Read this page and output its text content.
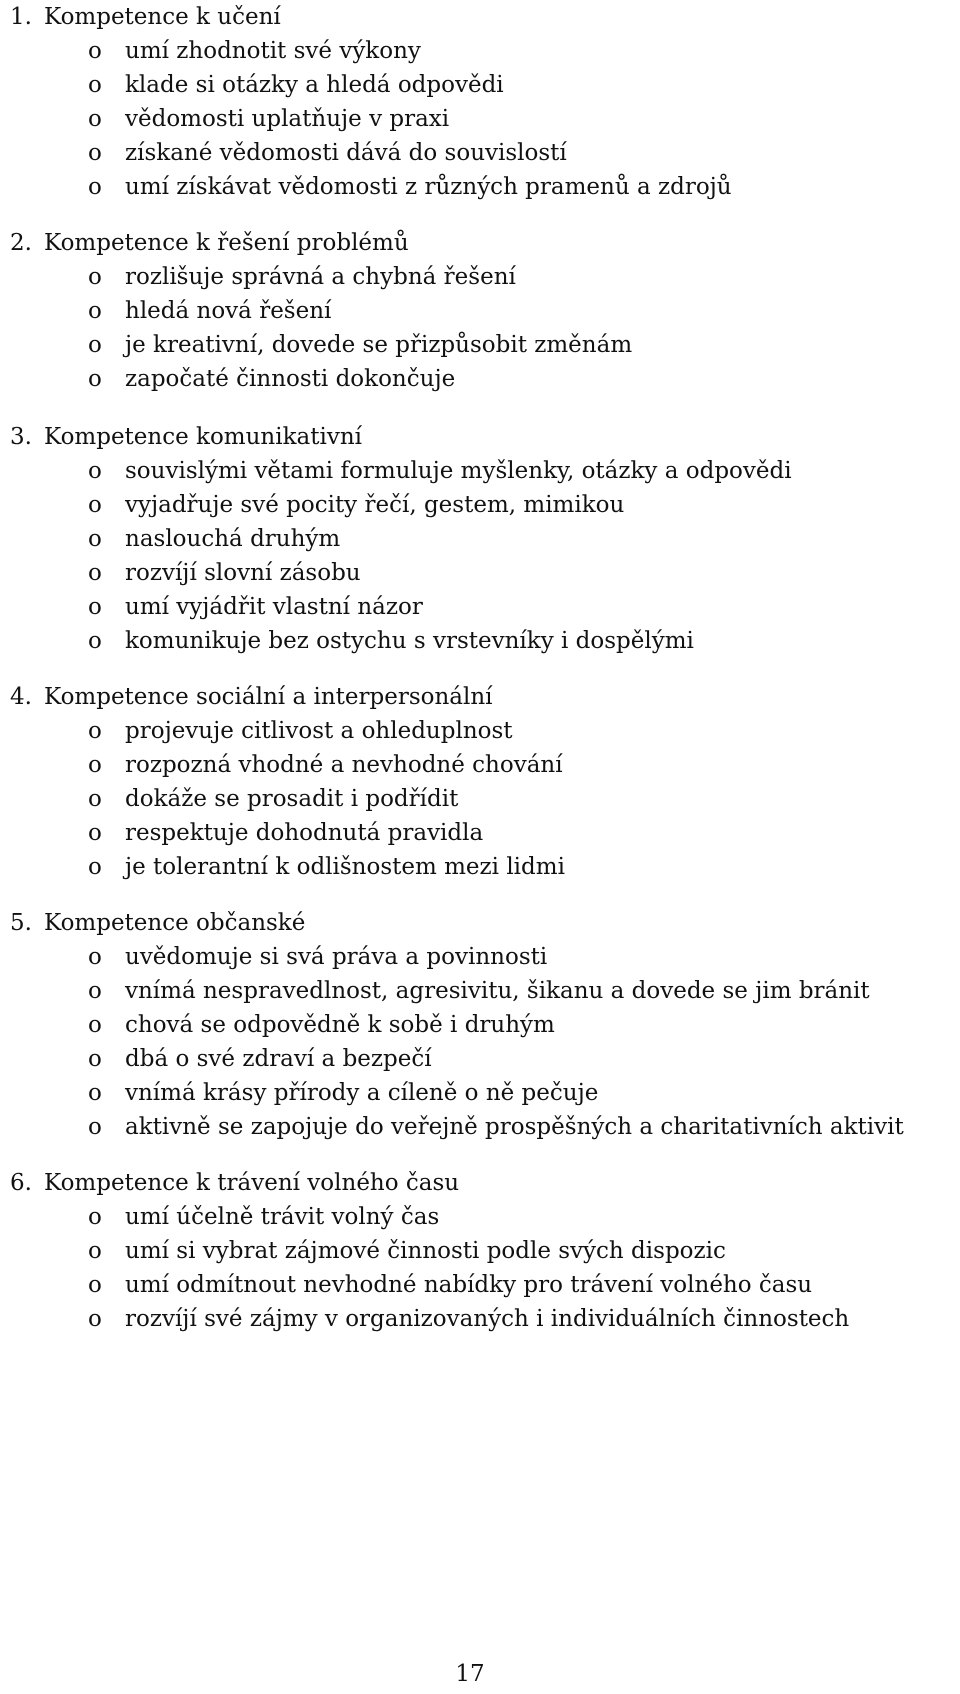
1. Kompetence k učení
o umí zhodnotit své výkony
o klade si otázky a hledá odpovědi
o vědomosti uplatňuje v praxi
o získané vědomosti dává do souvislostí
o umí získávat vědomosti z různých pramenů a zdrojů
2. Kompetence k řešení problémů
o rozlišuje správná a chybná řešení
o hledá nová řešení
o je kreativní, dovede se přizpůsobit změnám
o započaté činnosti dokončuje
3. Kompetence komunikativní
o souvislými větami formuluje myšlenky, otázky a odpovědi
o vyjadřuje své pocity řečí, gestem, mimikou
o naslouchá druhým
o rozvíjí slovní zásobu
o umí vyjádřit vlastní názor
o komunikuje bez ostychu s vrstevníky i dospělými
4. Kompetence sociální a interpersonální
o projevuje citlivost a ohleduplnost
o rozpozná vhodné a nevhodné chování
o dokáže se prosadit i podřídit
o respektuje dohodnutá pravidla
o je tolerantní k odlišnostem mezi lidmi
5. Kompetence občanské
o uvědomuje si svá práva a povinnosti
o vnímá nespravedlnost, agresivitu, šikanu a dovede se jim bránit
o chová se odpovědně k sobě i druhým
o dbá o své zdraví a bezpečí
o vnímá krásy přírody a cíleně o ně pečuje
o aktivně se zapojuje do veřejně prospěšných a charitativních aktivit
6. Kompetence k trávení volného času
o umí účelně trávit volný čas
o umí si vybrat zájmové činnosti podle svých dispozic
o umí odmítnout nevhodné nabídky pro trávení volného času
o rozvíjí své zájmy v organizovaných i individuálních činnostech
17
